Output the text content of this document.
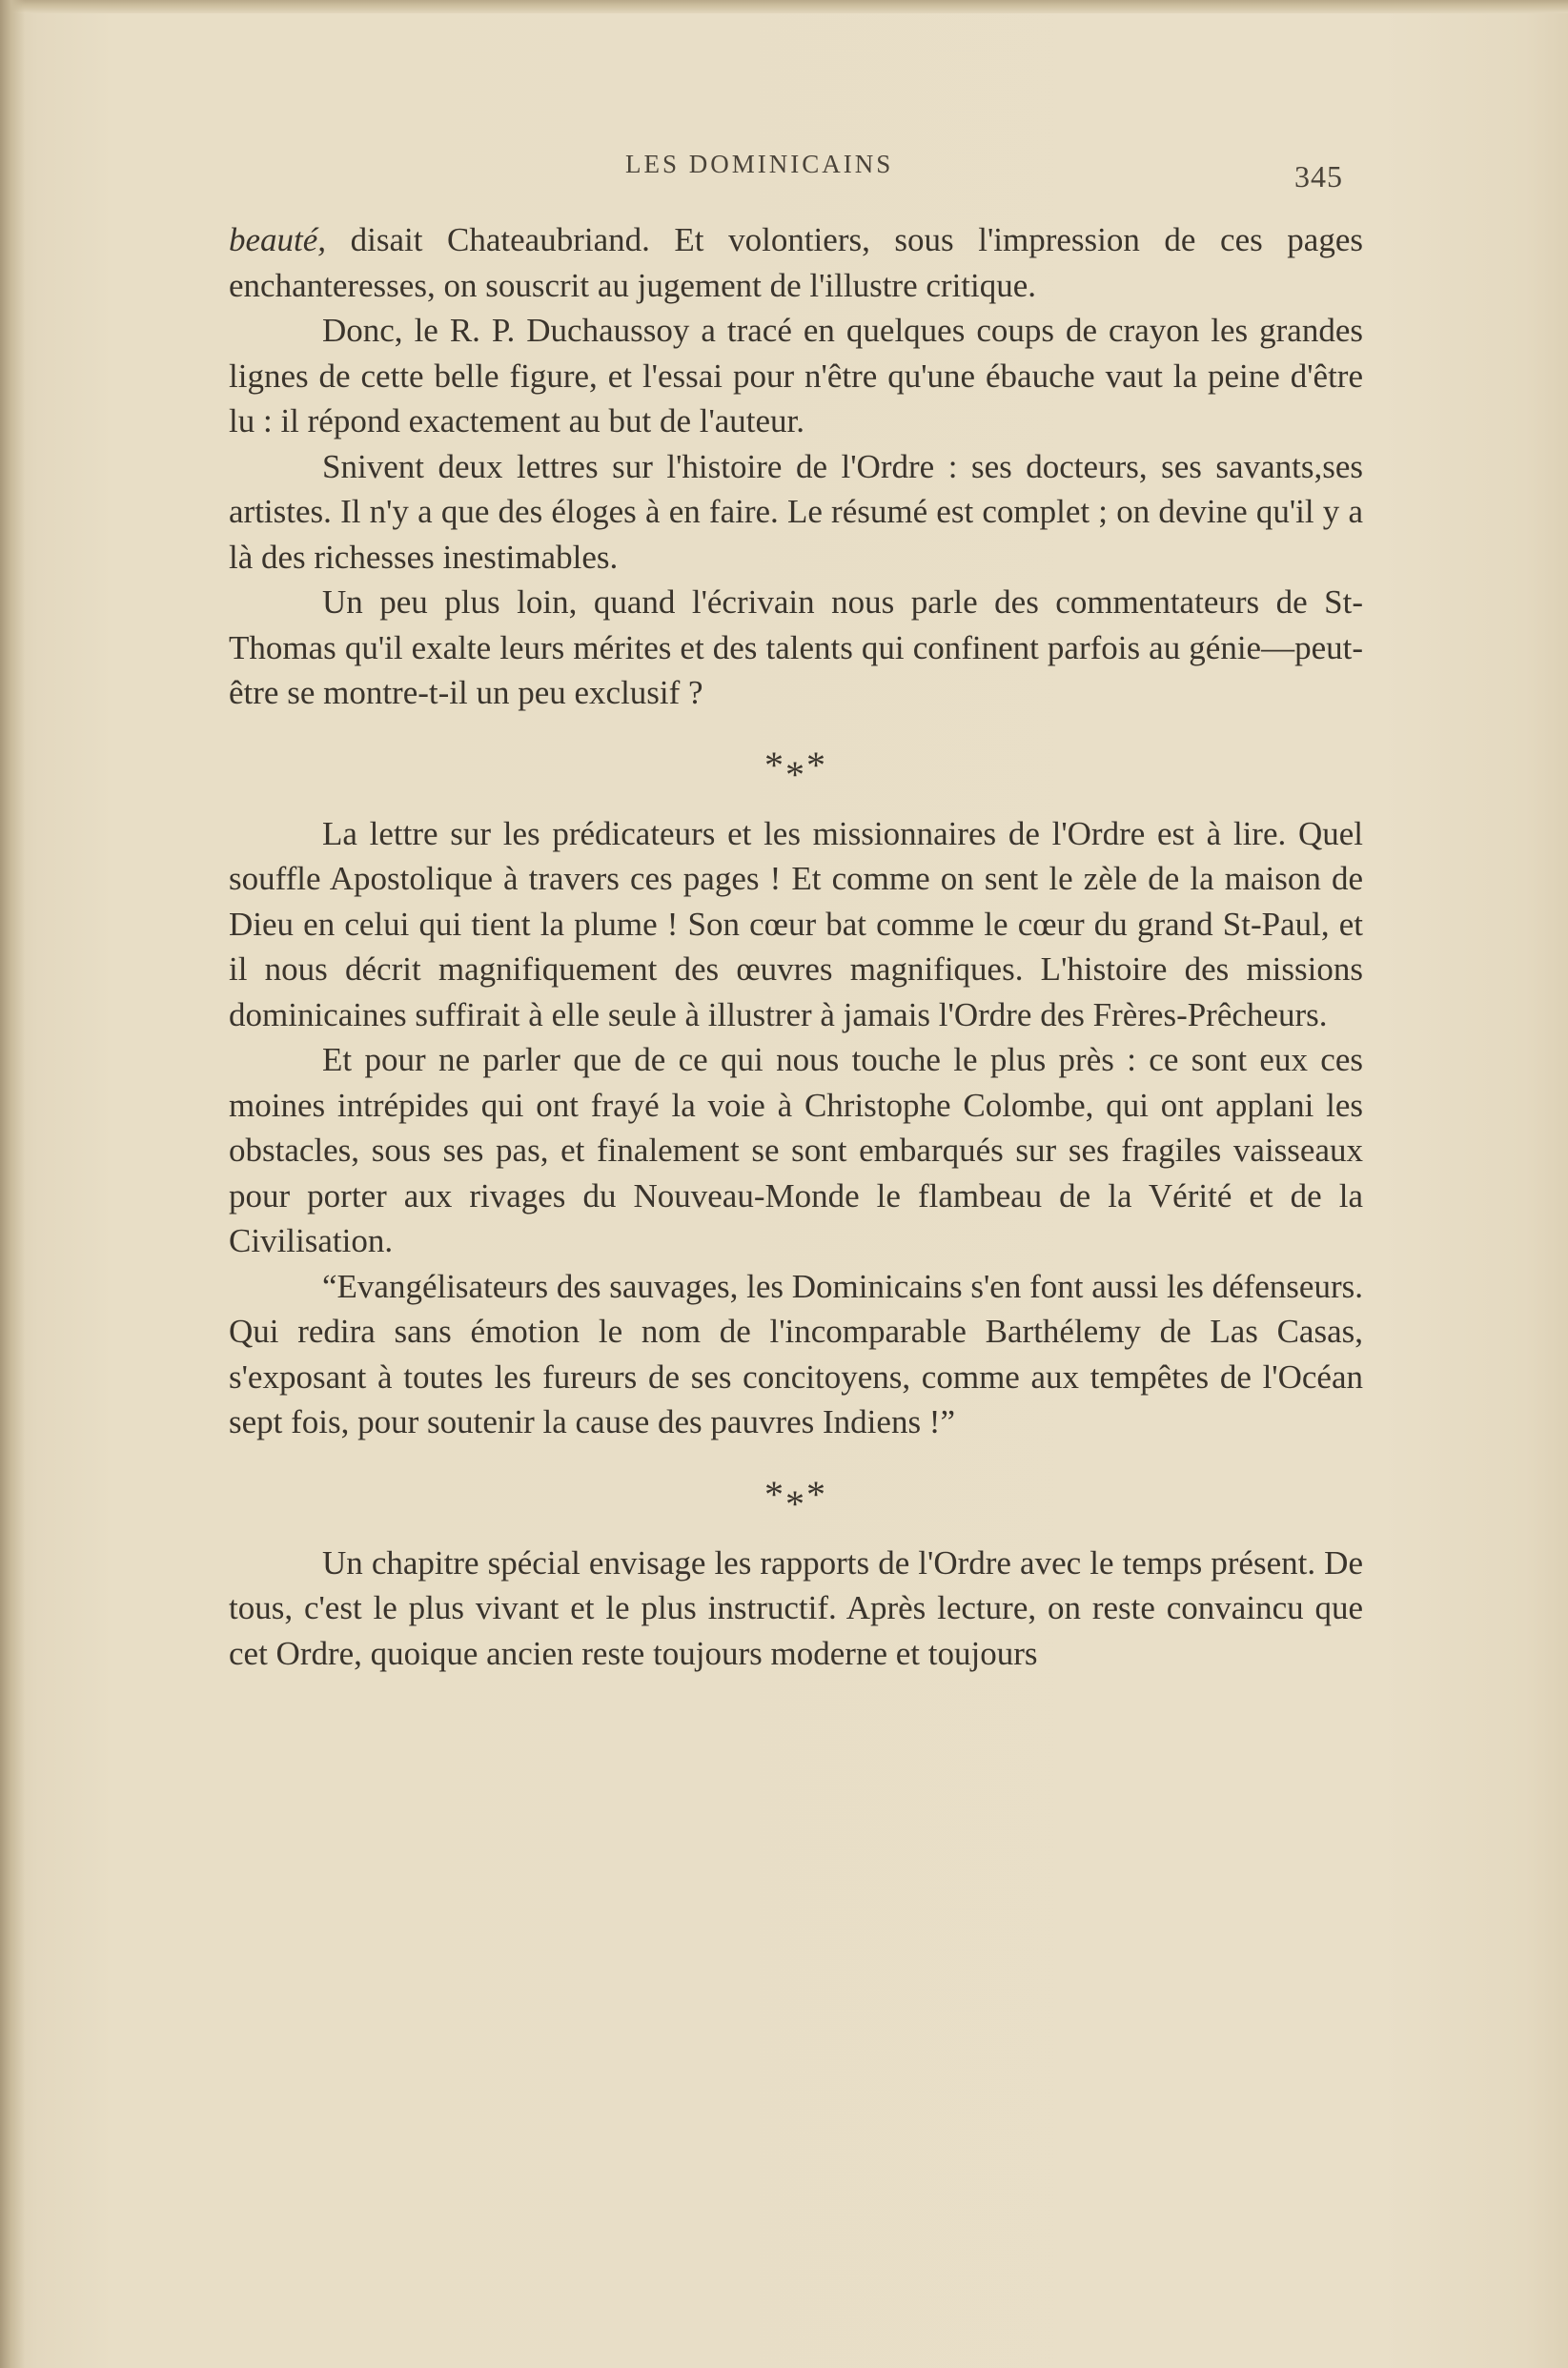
LES DOMINICAINS	345

beauté, disait Chateaubriand. Et volontiers, sous l'impression de ces pages enchanteresses, on souscrit au jugement de l'illustre critique.

Donc, le R. P. Duchaussoy a tracé en quelques coups de crayon les grandes lignes de cette belle figure, et l'essai pour n'être qu'une ébauche vaut la peine d'être lu : il répond exactement au but de l'auteur.

Snivent deux lettres sur l'histoire de l'Ordre : ses docteurs, ses savants,ses artistes. Il n'y a que des éloges à en faire. Le résumé est complet ; on devine qu'il y a là des richesses inestimables.

Un peu plus loin, quand l'écrivain nous parle des commentateurs de St-Thomas qu'il exalte leurs mérites et des talents qui confinent parfois au génie—peut-être se montre-t-il un peu exclusif ?

***

La lettre sur les prédicateurs et les missionnaires de l'Ordre est à lire. Quel souffle Apostolique à travers ces pages ! Et comme on sent le zèle de la maison de Dieu en celui qui tient la plume ! Son cœur bat comme le cœur du grand St-Paul, et il nous décrit magnifiquement des œuvres magnifiques. L'histoire des missions dominicaines suffirait à elle seule à illustrer à jamais l'Ordre des Frères-Prêcheurs.

Et pour ne parler que de ce qui nous touche le plus près : ce sont eux ces moines intrépides qui ont frayé la voie à Christophe Colombe, qui ont applani les obstacles, sous ses pas, et finalement se sont embarqués sur ses fragiles vaisseaux pour porter aux rivages du Nouveau-Monde le flambeau de la Vérité et de la Civilisation.

“Evangélisateurs des sauvages, les Dominicains s'en font aussi les défenseurs. Qui redira sans émotion le nom de l'incomparable Barthélemy de Las Casas, s'exposant à toutes les fureurs de ses concitoyens, comme aux tempêtes de l'Océan sept fois, pour soutenir la cause des pauvres Indiens !”

***

Un chapitre spécial envisage les rapports de l'Ordre avec le temps présent. De tous, c'est le plus vivant et le plus instructif. Après lecture, on reste convaincu que cet Ordre, quoique ancien reste toujours moderne et toujours
